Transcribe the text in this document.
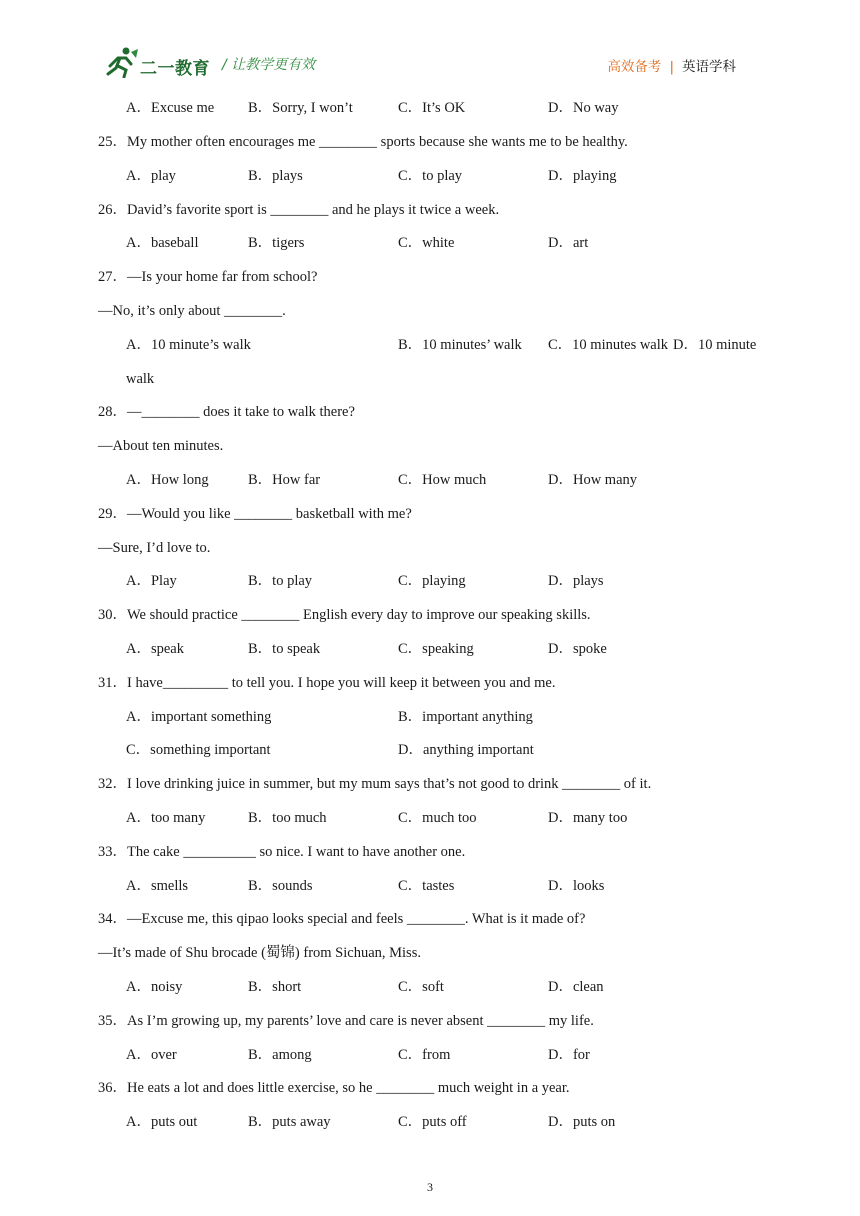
二一教育 / 让教学更有效	高效备考 | 英语学科
A．Excuse me B．Sorry, I won’t	C．It’s OK	D．No way
25．My mother often encourages me ________ sports because she wants me to be healthy.
A．play	B．plays	C．to play	D．playing
26．David’s favorite sport is ________ and he plays it twice a week.
A．baseball	B．tigers	C．white	D．art
27．—Is your home far from school?
—No, it’s only about ________.
A．10 minute’s walk	B．10 minutes’ walk C．10 minutes walk D．10 minute
walk
28．—________ does it take to walk there?
—About ten minutes.
A．How long	B．How far	C．How much	D．How many
29．—Would you like ________ basketball with me?
—Sure, I’d love to.
A．Play	B．to play	C．playing	D．plays
30．We should practice ________ English every day to improve our speaking skills.
A．speak	B．to speak	C．speaking	D．spoke
31．I have_________ to tell you. I hope you will keep it between you and me.
A．important something	B．important anything
C．something important	D．anything important
32．I love drinking juice in summer, but my mum says that’s not good to drink ________ of it.
A．too many	B．too much	C．much too	D．many too
33．The cake __________ so nice. I want to have another one.
A．smells	B．sounds	C．tastes	D．looks
34．—Excuse me, this qipao looks special and feels ________. What is it made of?
—It’s made of Shu brocade (蜀锦) from Sichuan, Miss.
A．noisy	B．short	C．soft	D．clean
35．As I’m growing up, my parents’ love and care is never absent ________ my life.
A．over	B．among	C．from	D．for
36．He eats a lot and does little exercise, so he ________ much weight in a year.
A．puts out	B．puts away	C．puts off	D．puts on
3
